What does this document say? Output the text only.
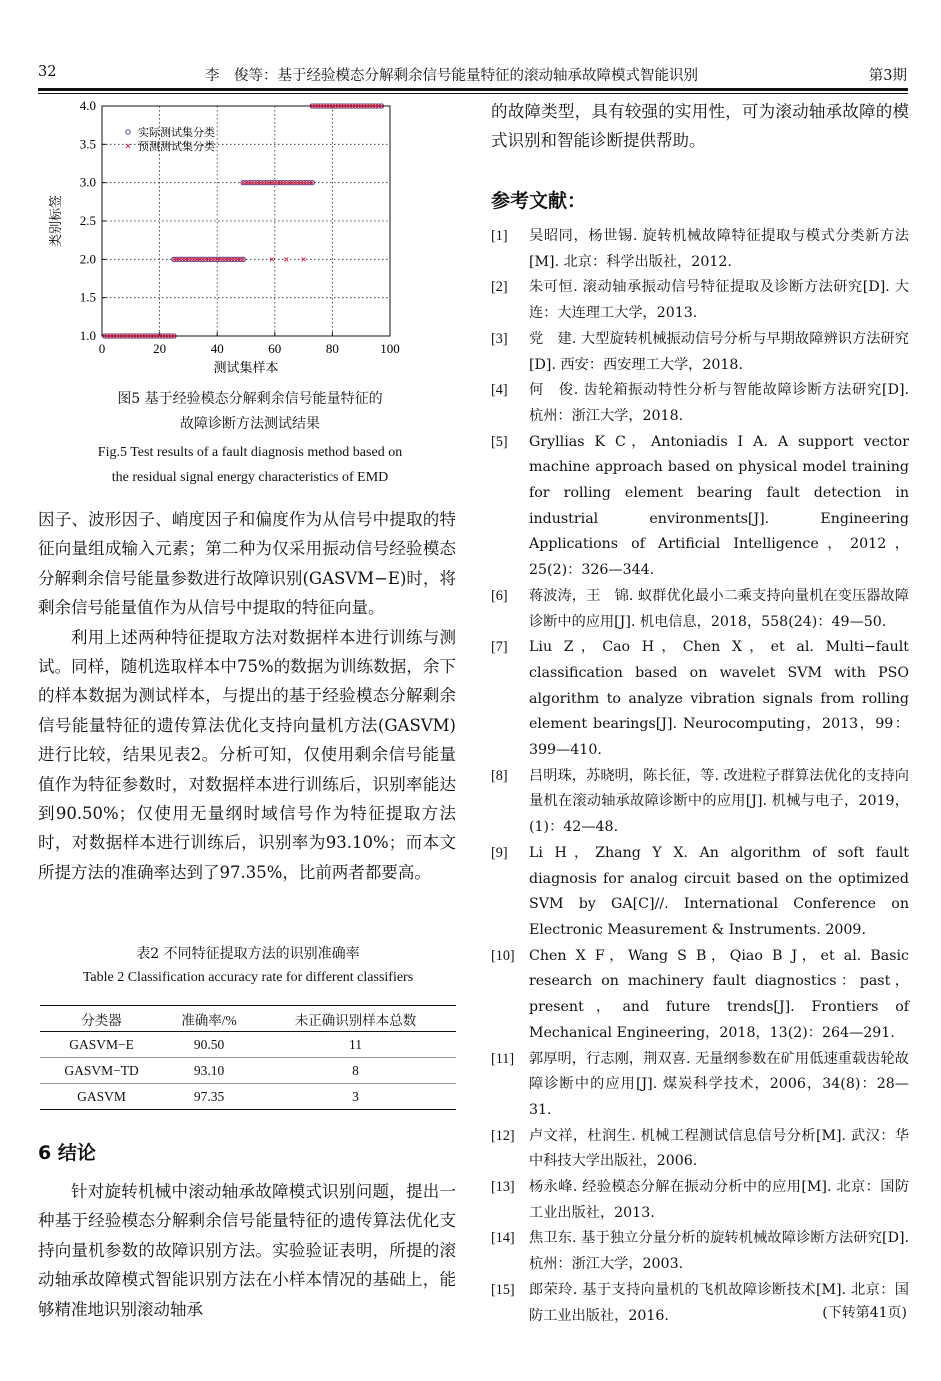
32	李　俊等：基于经验模态分解剩余信号能量特征的滚动轴承故障模式智能识别	第3期
0	20	40	60	80	100
1.0
1.5
2.0
2.5
3.0
3.5
4.0
测试集样本
类别标签
实际测试集分类
预测测试集分类
图5 基于经验模态分解剩余信号能量特征的
故障诊断方法测试结果
Fig.5 Test results of a fault diagnosis method based on
the residual signal energy characteristics of EMD

因子、波形因子、峭度因子和偏度作为从信号中提取的特征向量组成输入元素；第二种为仅采用振动信号经验模态分解剩余信号能量参数进行故障识别(GASVM−E)时，将剩余信号能量值作为从信号中提取的特征向量。

利用上述两种特征提取方法对数据样本进行训练与测试。同样，随机选取样本中75%的数据为训练数据，余下的样本数据为测试样本，与提出的基于经验模态分解剩余信号能量特征的遗传算法优化支持向量机方法(GASVM)进行比较，结果见表2。分析可知，仅使用剩余信号能量值作为特征参数时，对数据样本进行训练后，识别率能达到90.50%；仅使用无量纲时域信号作为特征提取方法时，对数据样本进行训练后，识别率为93.10%；而本文所提方法的准确率达到了97.35%，比前两者都要高。

表2 不同特征提取方法的识别准确率
Table 2 Classification accuracy rate for different classifiers
分类器	准确率/%	未正确识别样本总数
GASVM−E	90.50	11
GASVM−TD	93.10	8
GASVM	97.35	3
6 结论

针对旋转机械中滚动轴承故障模式识别问题，提出一种基于经验模态分解剩余信号能量特征的遗传算法优化支持向量机参数的故障识别方法。实验验证表明，所提的滚动轴承故障模式智能识别方法在小样本情况的基础上，能够精准地识别滚动轴承

的故障类型，具有较强的实用性，可为滚动轴承故障的模式识别和智能诊断提供帮助。

参考文献：
[1]	吴昭同，杨世锡. 旋转机械故障特征提取与模式分类新方法[M]. 北京：科学出版社，2012.
[2]	朱可恒. 滚动轴承振动信号特征提取及诊断方法研究[D]. 大连：大连理工大学，2013.
[3]	党　建. 大型旋转机械振动信号分析与早期故障辨识方法研究[D]. 西安：西安理工大学，2018.
[4]	何　俊. 齿轮箱振动特性分析与智能故障诊断方法研究[D]. 杭州：浙江大学，2018.
[5]	Gryllias K C，Antoniadis I A. A support vector machine approach based on physical model training for rolling element bearing fault detection in industrial environments[J]. Engineering Applications of Artificial Intelligence，2012，25(2)：326—344.
[6]	蒋波涛，王　锦. 蚁群优化最小二乘支持向量机在变压器故障诊断中的应用[J]. 机电信息，2018，558(24)：49—50.
[7]	Liu Z，Cao H，Chen X，et al. Multi−fault classification based on wavelet SVM with PSO algorithm to analyze vibration signals from rolling element bearings[J]. Neurocomputing，2013，99：399—410.
[8]	吕明珠，苏晓明，陈长征，等. 改进粒子群算法优化的支持向量机在滚动轴承故障诊断中的应用[J]. 机械与电子，2019，(1)：42—48.
[9]	Li H，Zhang Y X. An algorithm of soft fault diagnosis for analog circuit based on the optimized SVM by GA[C]//. International Conference on Electronic Measurement & Instruments. 2009.
[10]	Chen X F，Wang S B，Qiao B J，et al. Basic research on machinery fault diagnostics：past，present，and future trends[J]. Frontiers of Mechanical Engineering，2018，13(2)：264—291.
[11]	郭厚明，行志刚，荆双喜. 无量纲参数在矿用低速重载齿轮故障诊断中的应用[J]. 煤炭科学技术，2006，34(8)：28—31.
[12]	卢文祥，杜润生. 机械工程测试信息信号分析[M]. 武汉：华中科技大学出版社，2006.
[13]	杨永峰. 经验模态分解在振动分析中的应用[M]. 北京：国防工业出版社，2013.
[14]	焦卫东. 基于独立分量分析的旋转机械故障诊断方法研究[D]. 杭州：浙江大学，2003.
[15]	郎荣玲. 基于支持向量机的飞机故障诊断技术[M]. 北京：国防工业出版社，2016.	(下转第41页)
